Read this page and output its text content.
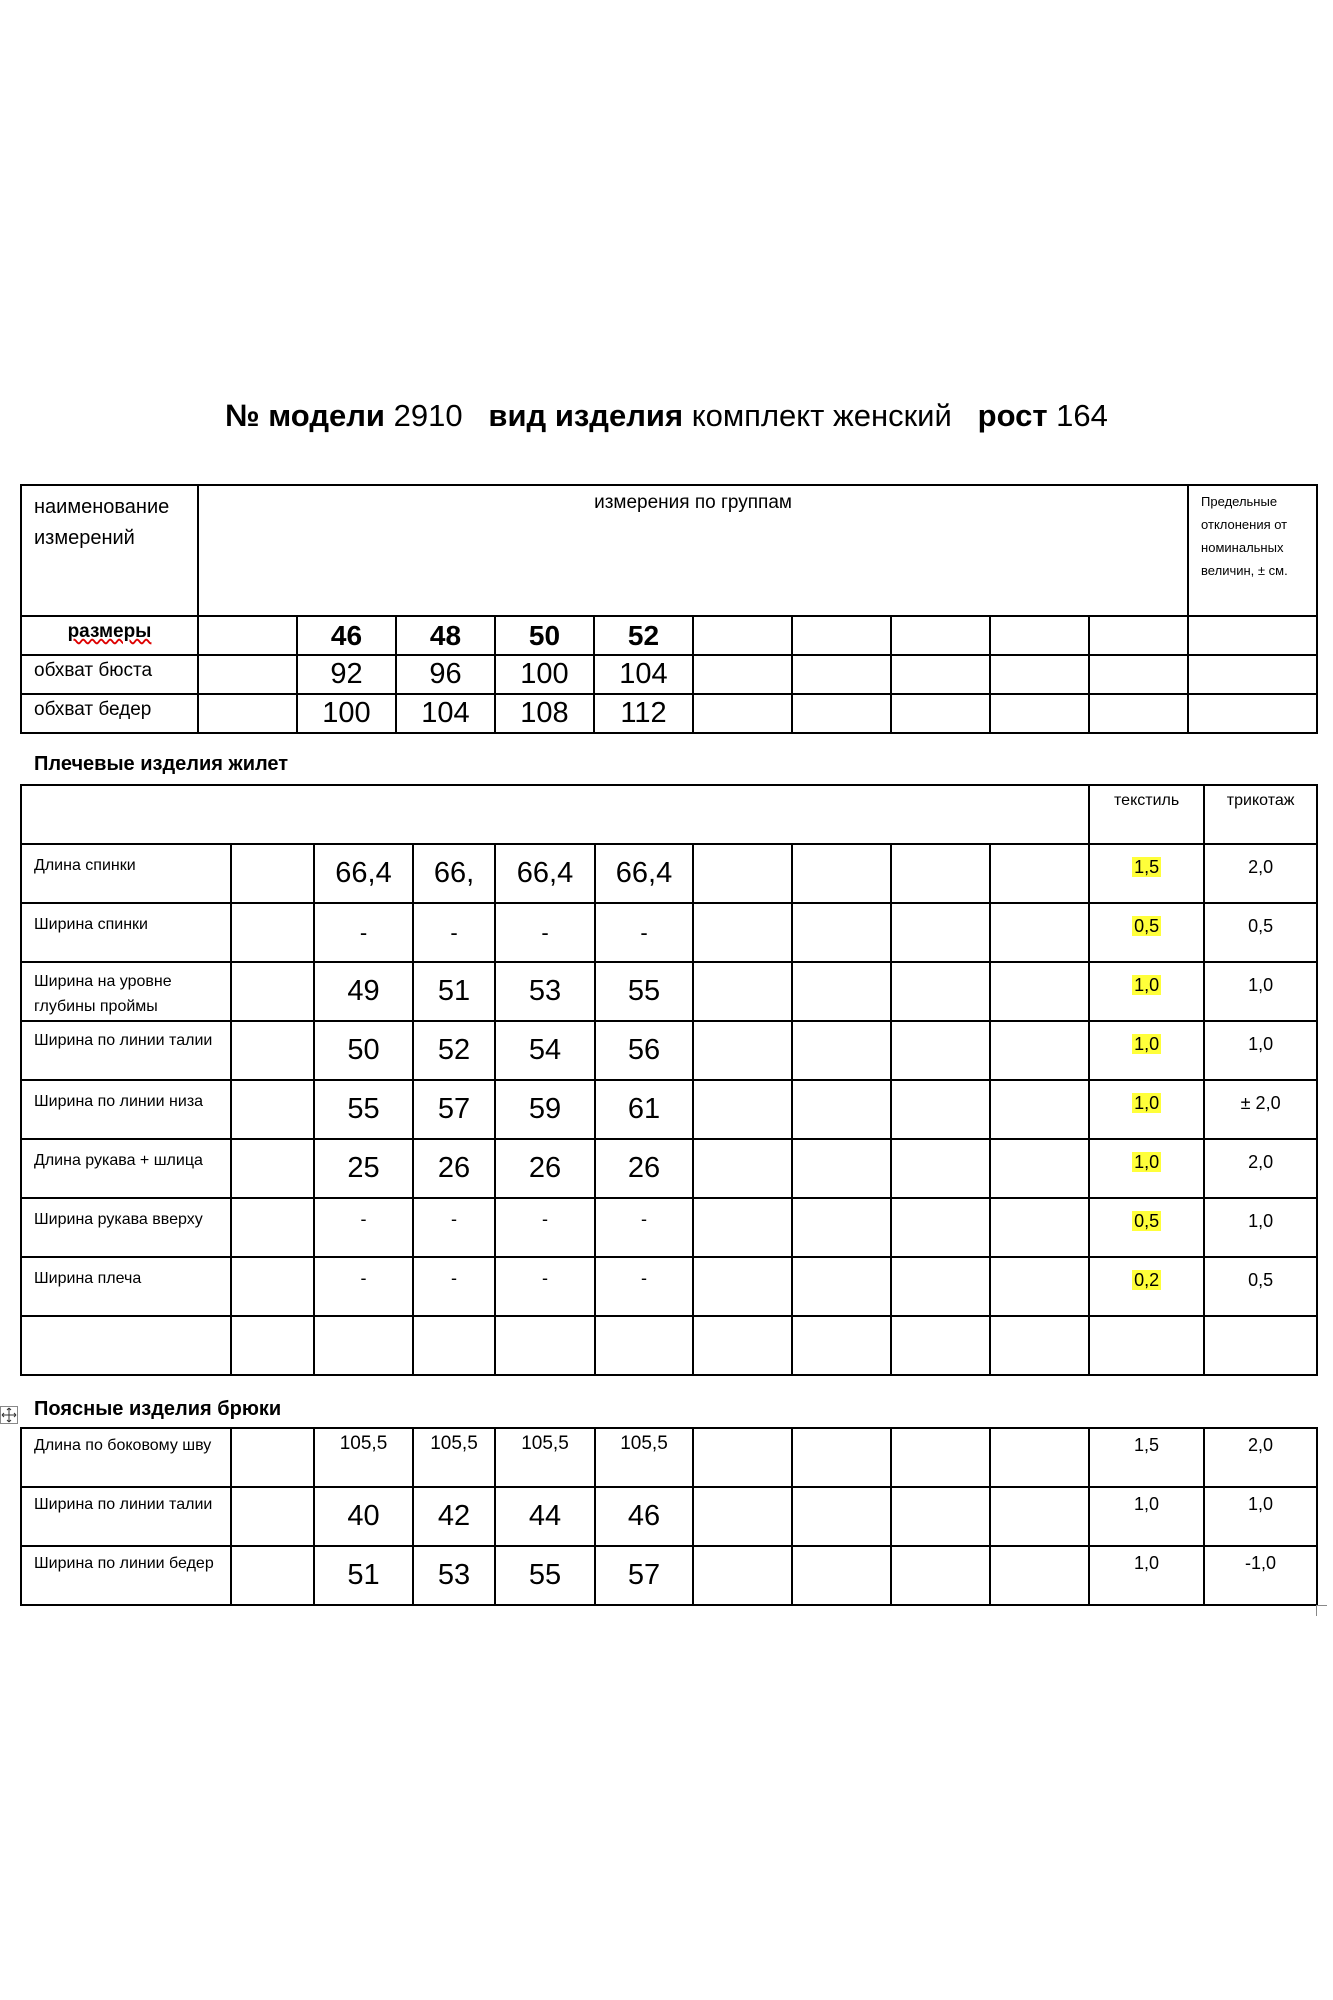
№ модели 2910 вид изделия комплект женский рост 164
наименование измерений	измерения по группам										Предельные отклонения от номинальных величин, ± см.
размеры		46	48	50	52						
обхват бюста		92	96	100	104						
обхват бедер		100	104	108	112						
Плечевые изделия жилет
										текстиль	трикотаж
Длина спинки		66,4	66,	66,4	66,4					1,5	2,0
Ширина спинки		-	-	-	-					0,5	0,5
Ширина на уровне глубины проймы		49	51	53	55					1,0	1,0
Ширина по линии талии		50	52	54	56					1,0	1,0
Ширина по линии низа		55	57	59	61					1,0	± 2,0
Длина рукава + шлица		25	26	26	26					1,0	2,0
Ширина рукава вверху		-	-	-	-					0,5	1,0
Ширина плеча		-	-	-	-					0,2	0,5

Поясные изделия брюки
Длина по боковому шву		105,5	105,5	105,5	105,5					1,5	2,0
Ширина по линии талии		40	42	44	46					1,0	1,0
Ширина по линии бедер		51	53	55	57					1,0	-1,0
